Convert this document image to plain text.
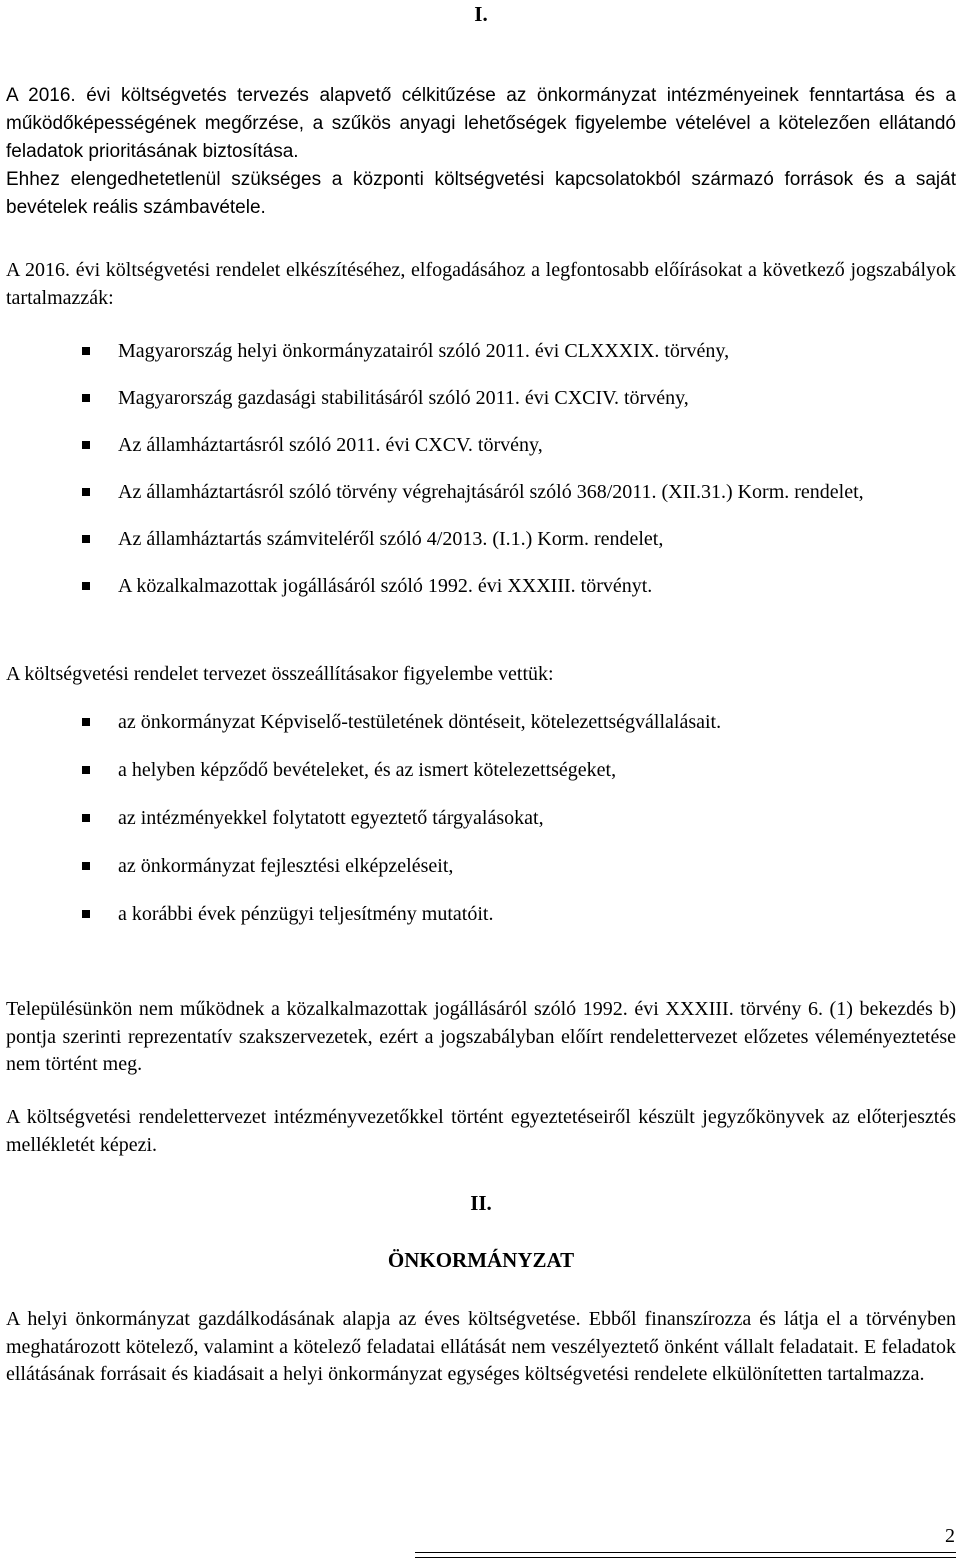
I.

A 2016. évi költségvetés tervezés alapvető célkitűzése az önkormányzat intézményeinek fenntartása és a működőképességének megőrzése, a szűkös anyagi lehetőségek figyelembe vételével a kötelezően ellátandó feladatok prioritásának biztosítása.

Ehhez elengedhetetlenül szükséges a központi költségvetési kapcsolatokból származó források és a saját bevételek reális számbavétele.

A 2016. évi költségvetési rendelet elkészítéséhez, elfogadásához a legfontosabb előírásokat a következő jogszabályok tartalmazzák:

Magyarország helyi önkormányzatairól szóló 2011. évi CLXXXIX. törvény,
Magyarország gazdasági stabilitásáról szóló 2011. évi CXCIV. törvény,
Az államháztartásról szóló 2011. évi CXCV. törvény,
Az államháztartásról szóló törvény végrehajtásáról szóló 368/2011. (XII.31.) Korm. rendelet,
Az államháztartás számviteléről szóló 4/2013. (I.1.) Korm. rendelet,
A közalkalmazottak jogállásáról szóló 1992. évi XXXIII. törvényt.

A költségvetési rendelet tervezet összeállításakor figyelembe vettük:

az önkormányzat Képviselő-testületének döntéseit, kötelezettségvállalásait.
a helyben képződő bevételeket, és az ismert kötelezettségeket,
az intézményekkel folytatott egyeztető tárgyalásokat,
az önkormányzat fejlesztési elképzeléseit,
a korábbi évek pénzügyi teljesítmény mutatóit.

Településünkön nem működnek a közalkalmazottak jogállásáról szóló 1992. évi XXXIII. törvény 6. (1) bekezdés b) pontja szerinti reprezentatív szakszervezetek, ezért a jogszabályban előírt rendelettervezet előzetes véleményeztetése nem történt meg.

A költségvetési rendelettervezet intézményvezetőkkel történt egyeztetéseiről készült jegyzőkönyvek az előterjesztés mellékletét képezi.

II.
ÖNKORMÁNYZAT

A helyi önkormányzat gazdálkodásának alapja az éves költségvetése. Ebből finanszírozza és látja el a törvényben meghatározott kötelező, valamint a kötelező feladatai ellátását nem veszélyeztető önként vállalt feladatait. E feladatok ellátásának forrásait és kiadásait a helyi önkormányzat egységes költségvetési rendelete elkülönítetten tartalmazza.

2
